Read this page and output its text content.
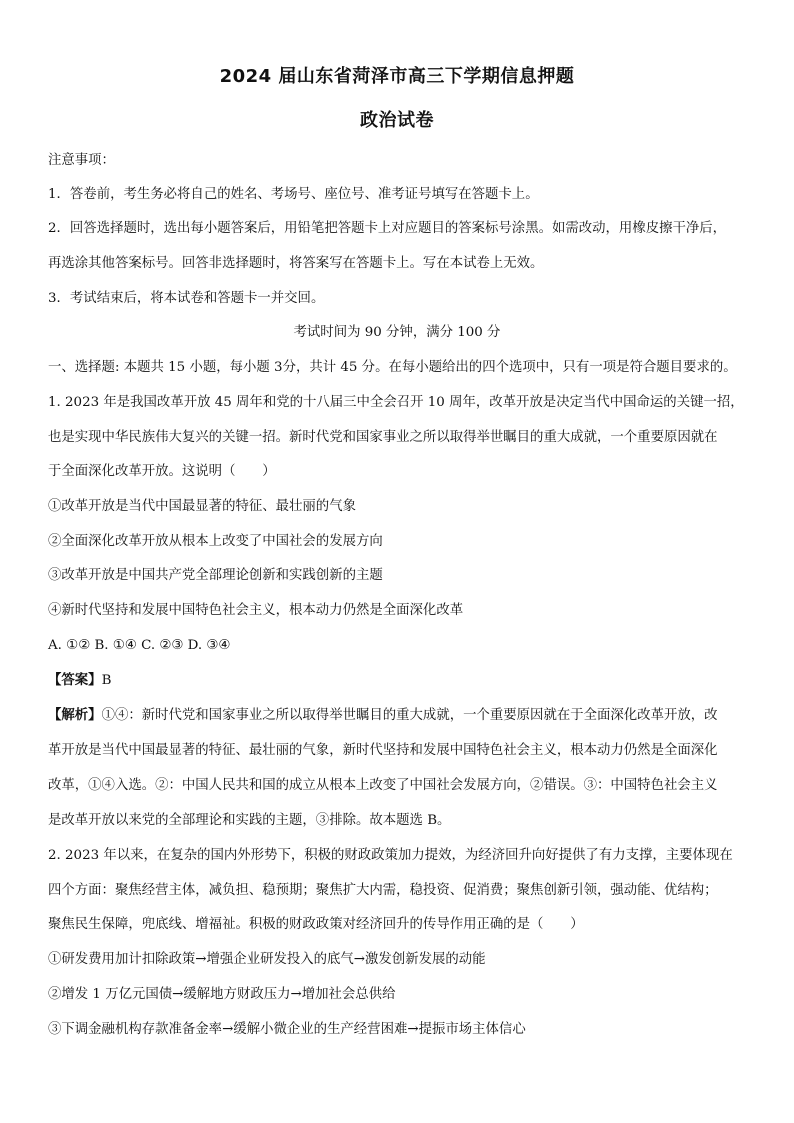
2024 届山东省菏泽市高三下学期信息押题
政治试卷
注意事项：
1．答卷前，考生务必将自己的姓名、考场号、座位号、准考证号填写在答题卡上。
2．回答选择题时，选出每小题答案后，用铅笔把答题卡上对应题目的答案标号涂黑。如需改动，用橡皮擦干净后，
再选涂其他答案标号。回答非选择题时，将答案写在答题卡上。写在本试卷上无效。
3．考试结束后，将本试卷和答题卡一并交回。
考试时间为 90 分钟，满分 100 分
一、选择题: 本题共 15 小题，每小题 3分，共计 45 分。在每小题给出的四个选项中，只有一项是符合题目要求的。
1. 2023 年是我国改革开放 45 周年和党的十八届三中全会召开 10 周年，改革开放是决定当代中国命运的关键一招，
也是实现中华民族伟大复兴的关键一招。新时代党和国家事业之所以取得举世瞩目的重大成就，一个重要原因就在
于全面深化改革开放。这说明（　　）
①改革开放是当代中国最显著的特征、最壮丽的气象
②全面深化改革开放从根本上改变了中国社会的发展方向
③改革开放是中国共产党全部理论创新和实践创新的主题
④新时代坚持和发展中国特色社会主义，根本动力仍然是全面深化改革
A. ①② B. ①④ C. ②③ D. ③④
【答案】B
【解析】①④：新时代党和国家事业之所以取得举世瞩目的重大成就，一个重要原因就在于全面深化改革开放，改
革开放是当代中国最显著的特征、最壮丽的气象，新时代坚持和发展中国特色社会主义，根本动力仍然是全面深化
改革，①④入选。②：中国人民共和国的成立从根本上改变了中国社会发展方向，②错误。③：中国特色社会主义
是改革开放以来党的全部理论和实践的主题，③排除。故本题选 B。
2. 2023 年以来，在复杂的国内外形势下，积极的财政政策加力提效，为经济回升向好提供了有力支撑，主要体现在
四个方面：聚焦经营主体，减负担、稳预期；聚焦扩大内需，稳投资、促消费；聚焦创新引领，强动能、优结构；
聚焦民生保障，兜底线、增福祉。积极的财政政策对经济回升的传导作用正确的是（　　）
①研发费用加计扣除政策→增强企业研发投入的底气→激发创新发展的动能
②增发 1 万亿元国债→缓解地方财政压力→增加社会总供给
③下调金融机构存款准备金率→缓解小微企业的生产经营困难→提振市场主体信心
